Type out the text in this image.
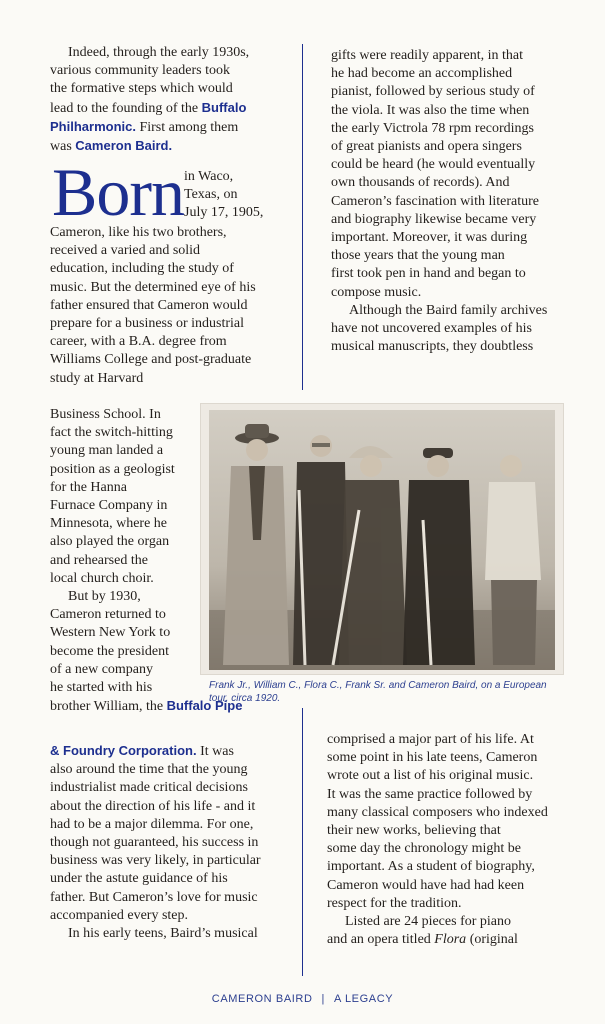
Indeed, through the early 1930s,
various community leaders took
the formative steps which would
lead to the founding of the Buffalo
Philharmonic. First among them
was Cameron Baird.
Born in Waco,
Texas, on
July 17, 1905,
Cameron, like his two brothers,
received a varied and solid
education, including the study of
music. But the determined eye of his
father ensured that Cameron would
prepare for a business or industrial
career, with a B.A. degree from
Williams College and post-graduate
study at Harvard
Business School. In
fact the switch-hitting
young man landed a
position as a geologist
for the Hanna
Furnace Company in
Minnesota, where he
also played the organ
and rehearsed the
local church choir.
But by 1930,
Cameron returned to
Western New York to
become the president
of a new company
he started with his
brother William, the Buffalo Pipe
& Foundry Corporation. It was
also around the time that the young
industrialist made critical decisions
about the direction of his life - and it
had to be a major dilemma. For one,
though not guaranteed, his success in
business was very likely, in particular
under the astute guidance of his
father. But Cameron’s love for music
accompanied every step.
In his early teens, Baird’s musical
gifts were readily apparent, in that
he had become an accomplished
pianist, followed by serious study of
the viola. It was also the time when
the early Victrola 78 rpm recordings
of great pianists and opera singers
could be heard (he would eventually
own thousands of records). And
Cameron’s fascination with literature
and biography likewise became very
important. Moreover, it was during
those years that the young man
first took pen in hand and began to
compose music.
Although the Baird family archives
have not uncovered examples of his
musical manuscripts, they doubtless
Frank Jr., William C., Flora C., Frank Sr. and Cameron Baird, on a European
tour, circa 1920.
comprised a major part of his life. At
some point in his late teens, Cameron
wrote out a list of his original music.
It was the same practice followed by
many classical composers who indexed
their new works, believing that
some day the chronology might be
important. As a student of biography,
Cameron would have had had keen
respect for the tradition.
Listed are 24 pieces for piano
and an opera titled Flora (original
CAMERON BAIRD | A LEGACY
